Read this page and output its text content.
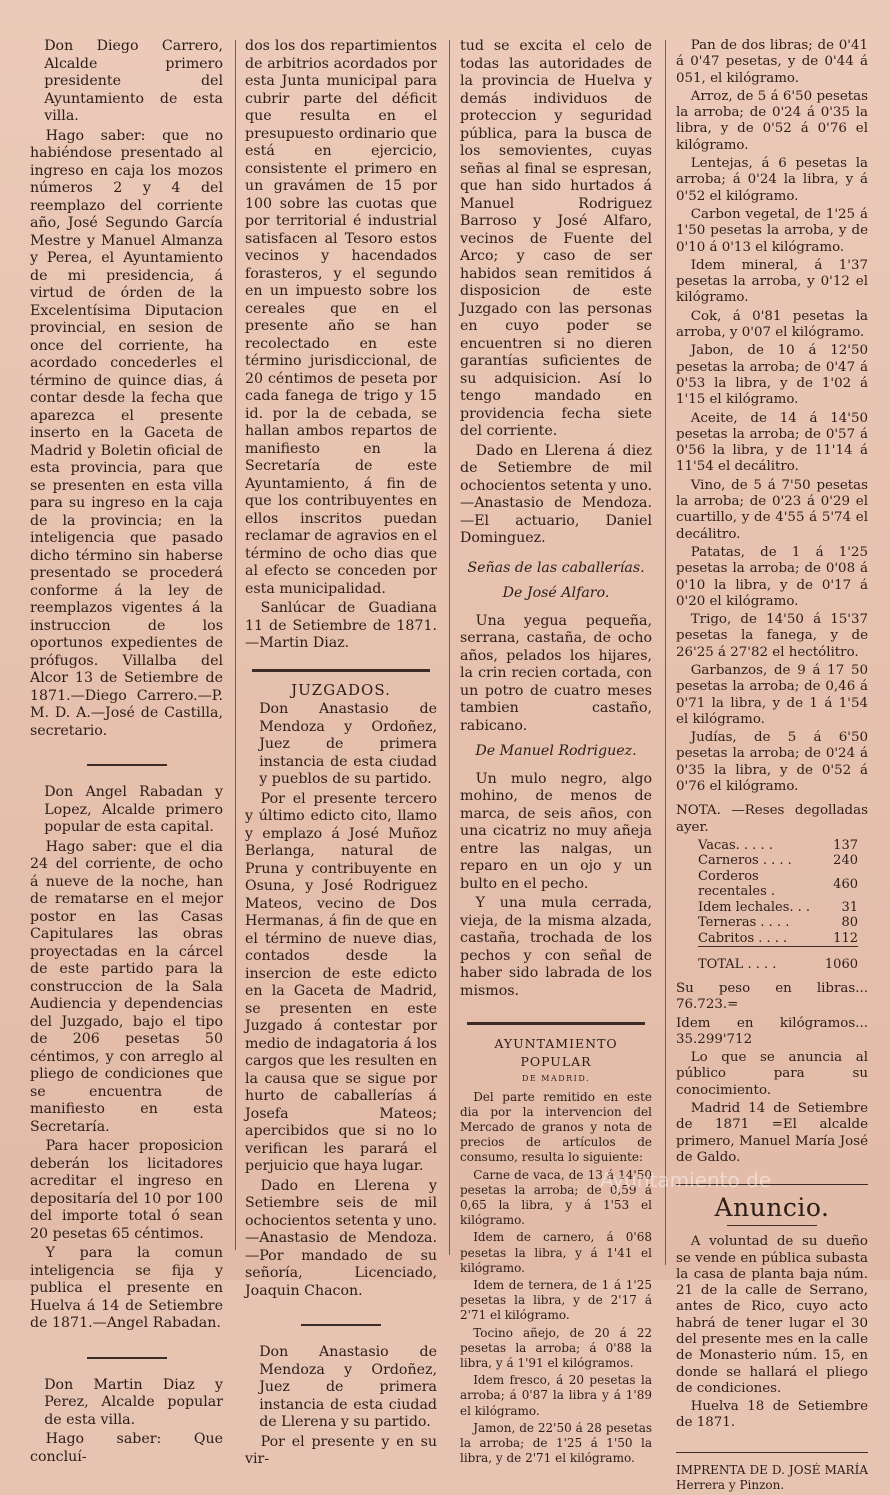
Don Diego Carrero, Alcalde primero presidente del Ayuntamiento de esta villa.

Hago saber: que no habiéndose presentado al ingreso en caja los mozos números 2 y 4 del reemplazo del corriente año, José Segundo García Mestre y Manuel Almanza y Perea, el Ayuntamiento de mi presidencia, á virtud de órden de la Excelentísima Diputacion provincial, en sesion de once del corriente, ha acordado concederles el término de quince dias, á contar desde la fecha que aparezca el presente inserto en la Gaceta de Madrid y Boletin oficial de esta provincia, para que se presenten en esta villa para su ingreso en la caja de la provincia; en la inteligencia que pasado dicho término sin haberse presentado se procederá conforme á la ley de reemplazos vigentes á la instruccion de los oportunos expedientes de prófugos. Villalba del Alcor 13 de Setiembre de 1871.—Diego Carrero.—P. M. D. A.—José de Castilla, secretario.

Don Angel Rabadan y Lopez, Alcalde primero popular de esta capital.

Hago saber: que el dia 24 del corriente, de ocho á nueve de la noche, han de rematarse en el mejor postor en las Casas Capitulares las obras proyectadas en la cárcel de este partido para la construccion de la Sala Audiencia y dependencias del Juzgado, bajo el tipo de 206 pesetas 50 céntimos, y con arreglo al pliego de condiciones que se encuentra de manifiesto en esta Secretaría.

Para hacer proposicion deberán los licitadores acreditar el ingreso en depositaría del 10 por 100 del importe total ó sean 20 pesetas 65 céntimos.

Y para la comun inteligencia se fija y publica el presente en Huelva á 14 de Setiembre de 1871.—Angel Rabadan.

Don Martin Diaz y Perez, Alcalde popular de esta villa.

Hago saber: Que concluí-

dos los dos repartimientos de arbitrios acordados por esta Junta municipal para cubrir parte del déficit que resulta en el presupuesto ordinario que está en ejercicio, consistente el primero en un gravámen de 15 por 100 sobre las cuotas que por territorial é industrial satisfacen al Tesoro estos vecinos y hacendados forasteros, y el segundo en un impuesto sobre los cereales que en el presente año se han recolectado en este término jurisdiccional, de 20 céntimos de peseta por cada fanega de trigo y 15 id. por la de cebada, se hallan ambos repartos de manifiesto en la Secretaría de este Ayuntamiento, á fin de que los contribuyentes en ellos inscritos puedan reclamar de agravios en el término de ocho dias que al efecto se conceden por esta municipalidad.

Sanlúcar de Guadiana 11 de Setiembre de 1871.—Martin Diaz.

JUZGADOS.

Don Anastasio de Mendoza y Ordoñez, Juez de primera instancia de esta ciudad y pueblos de su partido.

Por el presente tercero y último edicto cito, llamo y emplazo á José Muñoz Berlanga, natural de Pruna y contribuyente en Osuna, y José Rodriguez Mateos, vecino de Dos Hermanas, á fin de que en el término de nueve dias, contados desde la insercion de este edicto en la Gaceta de Madrid, se presenten en este Juzgado á contestar por medio de indagatoria á los cargos que les resulten en la causa que se sigue por hurto de caballerías á Josefa Mateos; apercibidos que si no lo verifican les parará el perjuicio que haya lugar.

Dado en Llerena y Setiembre seis de mil ochocientos setenta y uno.—Anastasio de Mendoza.—Por mandado de su señoría, Licenciado, Joaquin Chacon.

Don Anastasio de Mendoza y Ordoñez, Juez de primera instancia de esta ciudad de Llerena y su partido.

Por el presente y en su vir-

tud se excita el celo de todas las autoridades de la provincia de Huelva y demás individuos de proteccion y seguridad pública, para la busca de los semovientes, cuyas señas al final se espresan, que han sido hurtados á Manuel Rodriguez Barroso y José Alfaro, vecinos de Fuente del Arco; y caso de ser habidos sean remitidos á disposicion de este Juzgado con las personas en cuyo poder se encuentren si no dieren garantías suficientes de su adquisicion. Así lo tengo mandado en providencia fecha siete del corriente.

Dado en Llerena á diez de Setiembre de mil ochocientos setenta y uno.—Anastasio de Mendoza.—El actuario, Daniel Dominguez.

Señas de las caballerías.

De José Alfaro.

Una yegua pequeña, serrana, castaña, de ocho años, pelados los hijares, la crin recien cortada, con un potro de cuatro meses tambien castaño, rabicano.

De Manuel Rodriguez.

Un mulo negro, algo mohino, de menos de marca, de seis años, con una cicatriz no muy añeja entre las nalgas, un reparo en un ojo y un bulto en el pecho.

Y una mula cerrada, vieja, de la misma alzada, castaña, trochada de los pechos y con señal de haber sido labrada de los mismos.

AYUNTAMIENTO POPULAR

DE MADRID.

Del parte remitido en este dia por la intervencion del Mercado de granos y nota de precios de artículos de consumo, resulta lo siguiente:

Carne de vaca, de 13 á 14'50 pesetas la arroba; de 0,59 á 0,65 la libra, y á 1'53 el kilógramo.

Idem de carnero, á 0'68 pesetas la libra, y á 1'41 el kilógramo.

Idem de ternera, de 1 á 1'25 pesetas la libra, y de 2'17 á 2'71 el kilógramo.

Tocino añejo, de 20 á 22 pesetas la arroba; á 0'88 la libra, y á 1'91 el kilógramos.

Idem fresco, á 20 pesetas la arroba; á 0'87 la libra y á 1'89 el kilógramo.

Jamon, de 22'50 á 28 pesetas la arroba; de 1'25 á 1'50 la libra, y de 2'71 el kilógramo.

Pan de dos libras; de 0'41 á 0'47 pesetas, y de 0'44 á 051, el kilógramo.

Arroz, de 5 á 6'50 pesetas la arroba; de 0'24 á 0'35 la libra, y de 0'52 á 0'76 el kilógramo.

Lentejas, á 6 pesetas la arroba; á 0'24 la libra, y á 0'52 el kilógramo.

Carbon vegetal, de 1'25 á 1'50 pesetas la arroba, y de 0'10 á 0'13 el kilógramo.

Idem mineral, á 1'37 pesetas la arroba, y 0'12 el kilógramo.

Cok, á 0'81 pesetas la arroba, y 0'07 el kilógramo.

Jabon, de 10 á 12'50 pesetas la arroba; de 0'47 á 0'53 la libra, y de 1'02 á 1'15 el kilógramo.

Aceite, de 14 á 14'50 pesetas la arroba; de 0'57 á 0'56 la libra, y de 11'14 á 11'54 el decálitro.

Vino, de 5 á 7'50 pesetas la arroba; de 0'23 á 0'29 el cuartillo, y de 4'55 á 5'74 el decálitro.

Patatas, de 1 á 1'25 pesetas la arroba; de 0'08 á 0'10 la libra, y de 0'17 á 0'20 el kilógramo.

Trigo, de 14'50 á 15'37 pesetas la fanega, y de 26'25 á 27'82 el hectólitro.

Garbanzos, de 9 á 17 50 pesetas la arroba; de 0,46 á 0'71 la libra, y de 1 á 1'54 el kilógramo.

Judías, de 5 á 6'50 pesetas la arroba; de 0'24 á 0'35 la libra, y de 0'52 á 0'76 el kilógramo.

NOTA. —Reses degolladas ayer.

Vacas. . . . .	137
Carneros . . . .	240
Corderos recentales .	460
Idem lechales. . .	31
Terneras . . . .	80
Cabritos . . . .	112
TOTAL . . . .	1060

Su peso en libras... 76.723.=

Idem en kilógramos... 35.299'712

Lo que se anuncia al público para su conocimiento.

Madrid 14 de Setiembre de 1871 =El alcalde primero, Manuel María José de Galdo.

Anuncio.

A voluntad de su dueño se vende en pública subasta la casa de planta baja núm. 21 de la calle de Serrano, antes de Rico, cuyo acto habrá de tener lugar el 30 del presente mes en la calle de Monasterio núm. 15, en donde se hallará el pliego de condiciones.

Huelva 18 de Setiembre de 1871.

IMPRENTA DE D. JOSÉ MARÍA Herrera y Pinzon.

Ayuntamiento de
